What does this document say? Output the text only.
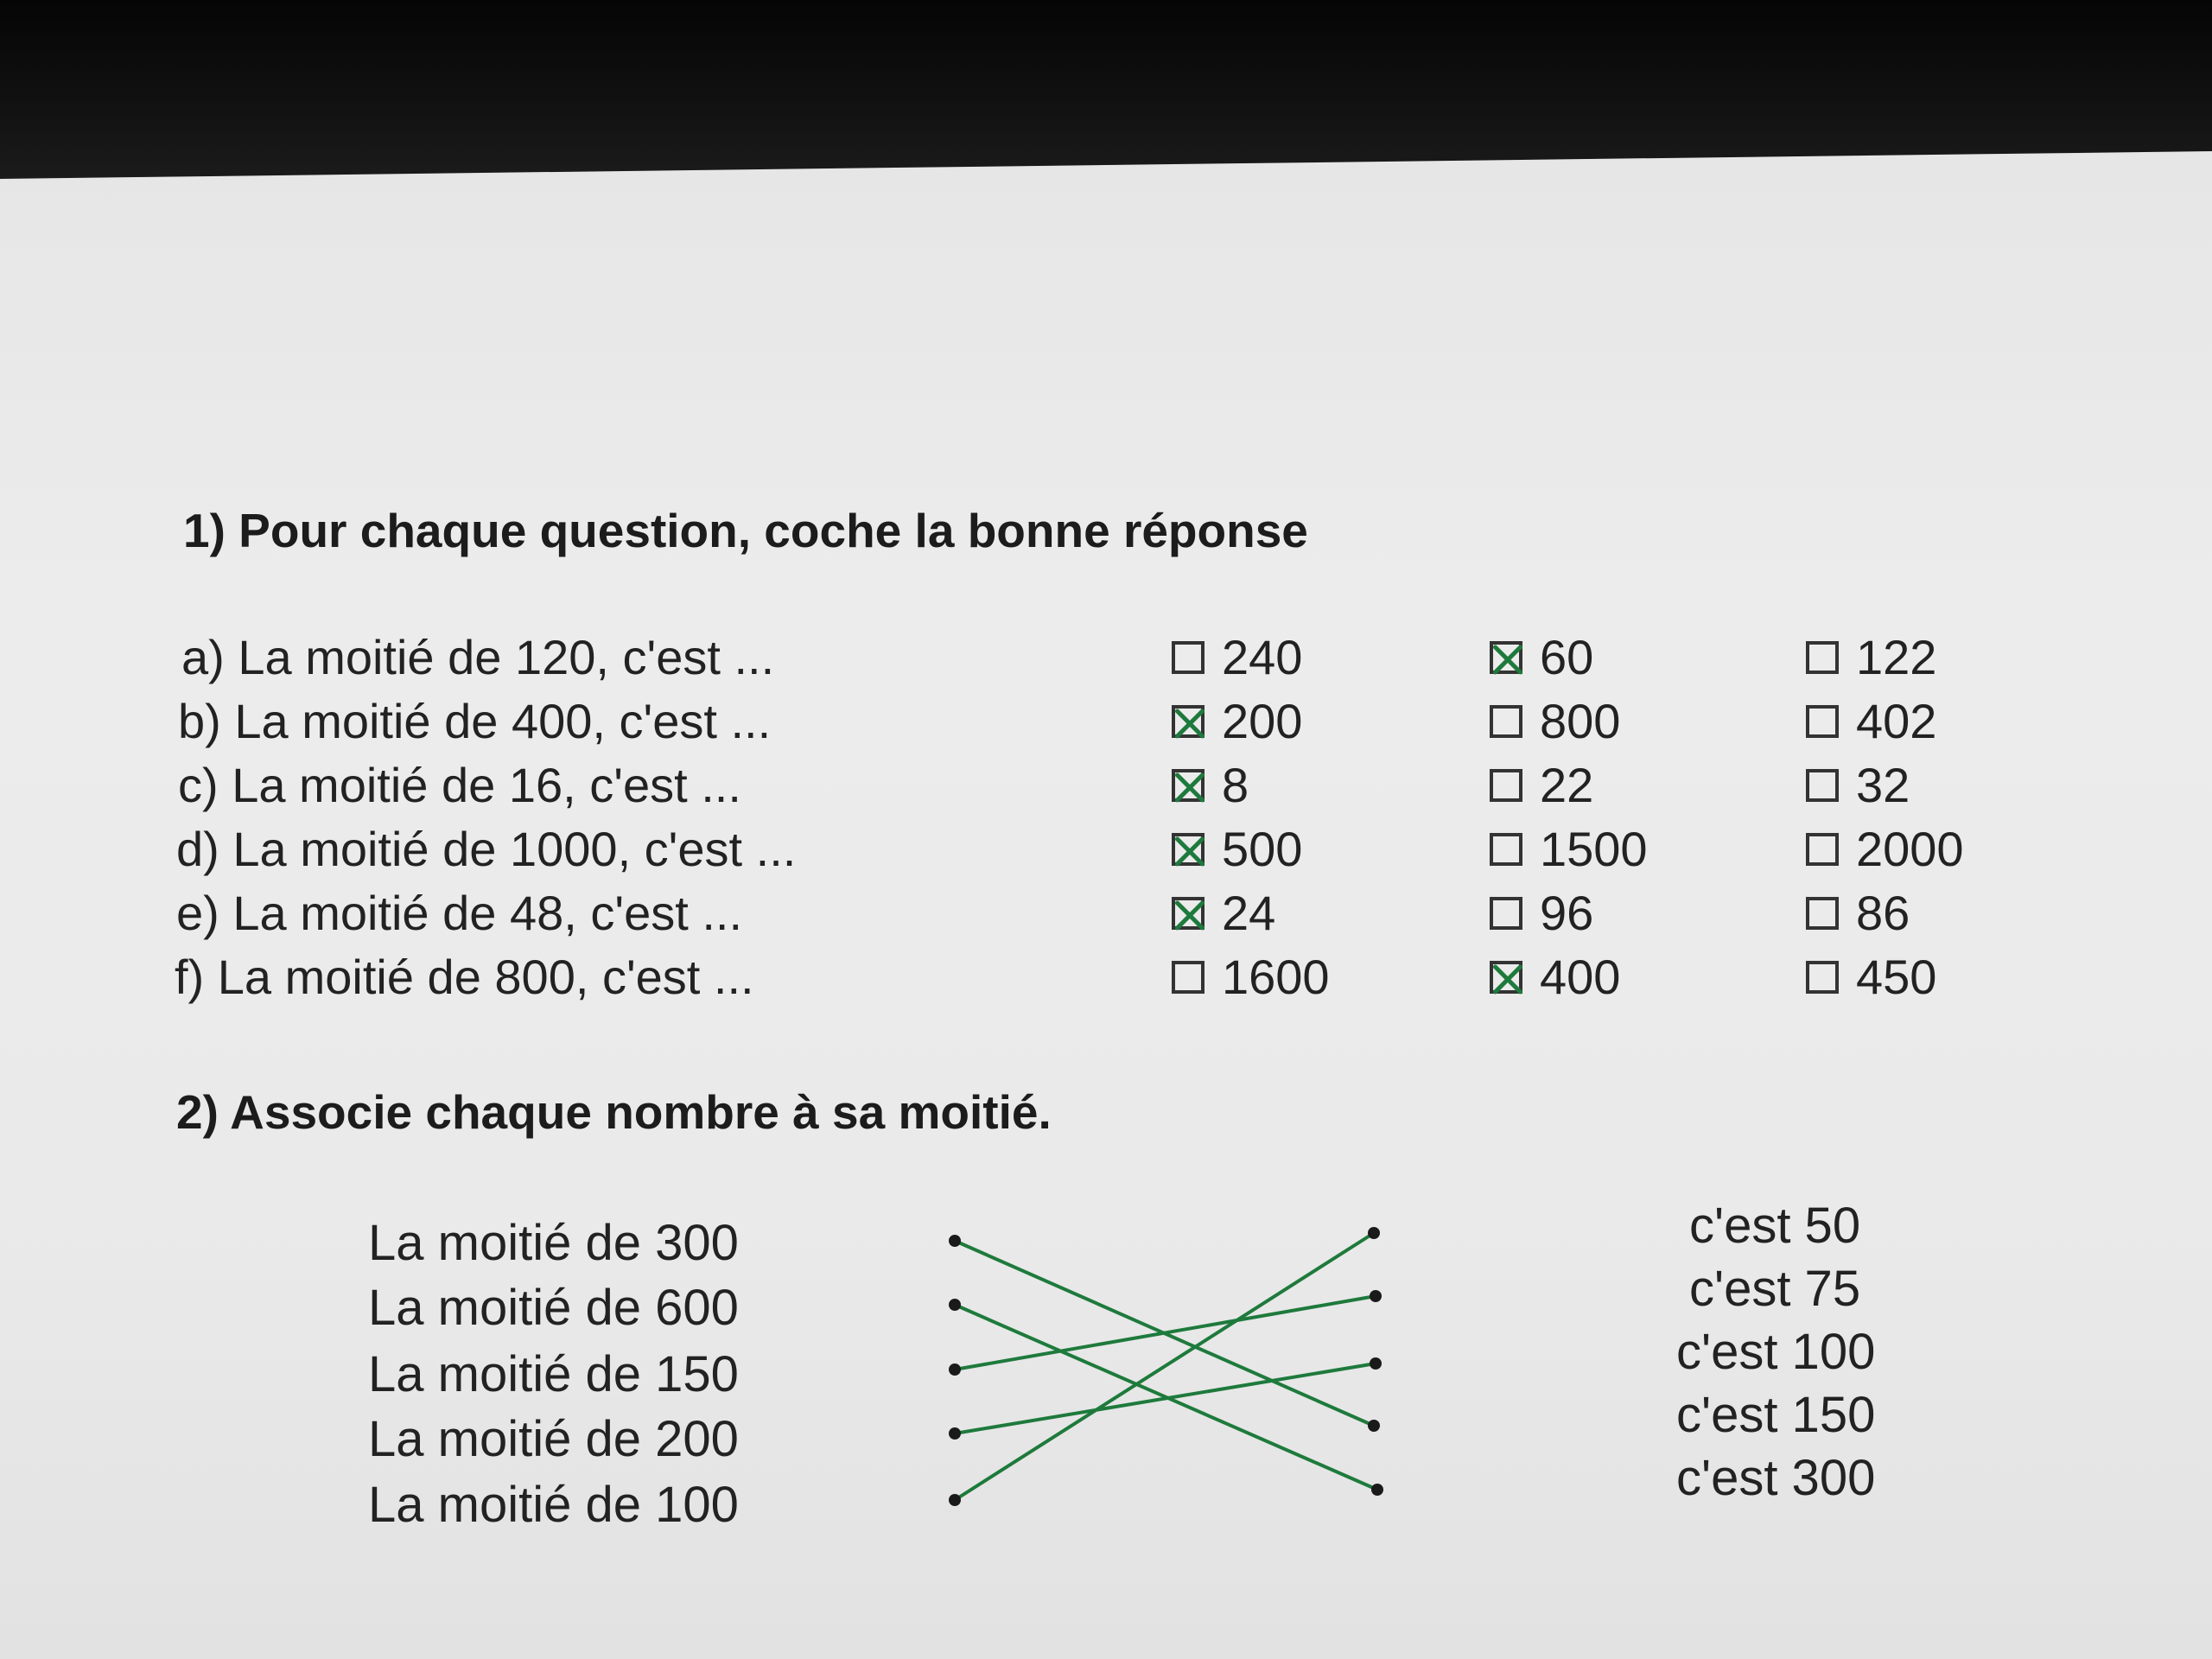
1) Pour chaque question, coche la bonne réponse
a) La moitié de 120, c'est ...	240	60	122
b) La moitié de 400, c'est ...	200	800	402
c) La moitié de 16, c'est ...	8	22	32
d) La moitié de 1000, c'est ...	500	1500	2000
e) La moitié de 48, c'est ...	24	96	86
f) La moitié de 800, c'est ...	1600	400	450
2) Associe chaque nombre à sa moitié.
La moitié de 300
La moitié de 600
La moitié de 150
La moitié de 200
La moitié de 100
c'est 50
c'est 75
c'est 100
c'est 150
c'est 300
